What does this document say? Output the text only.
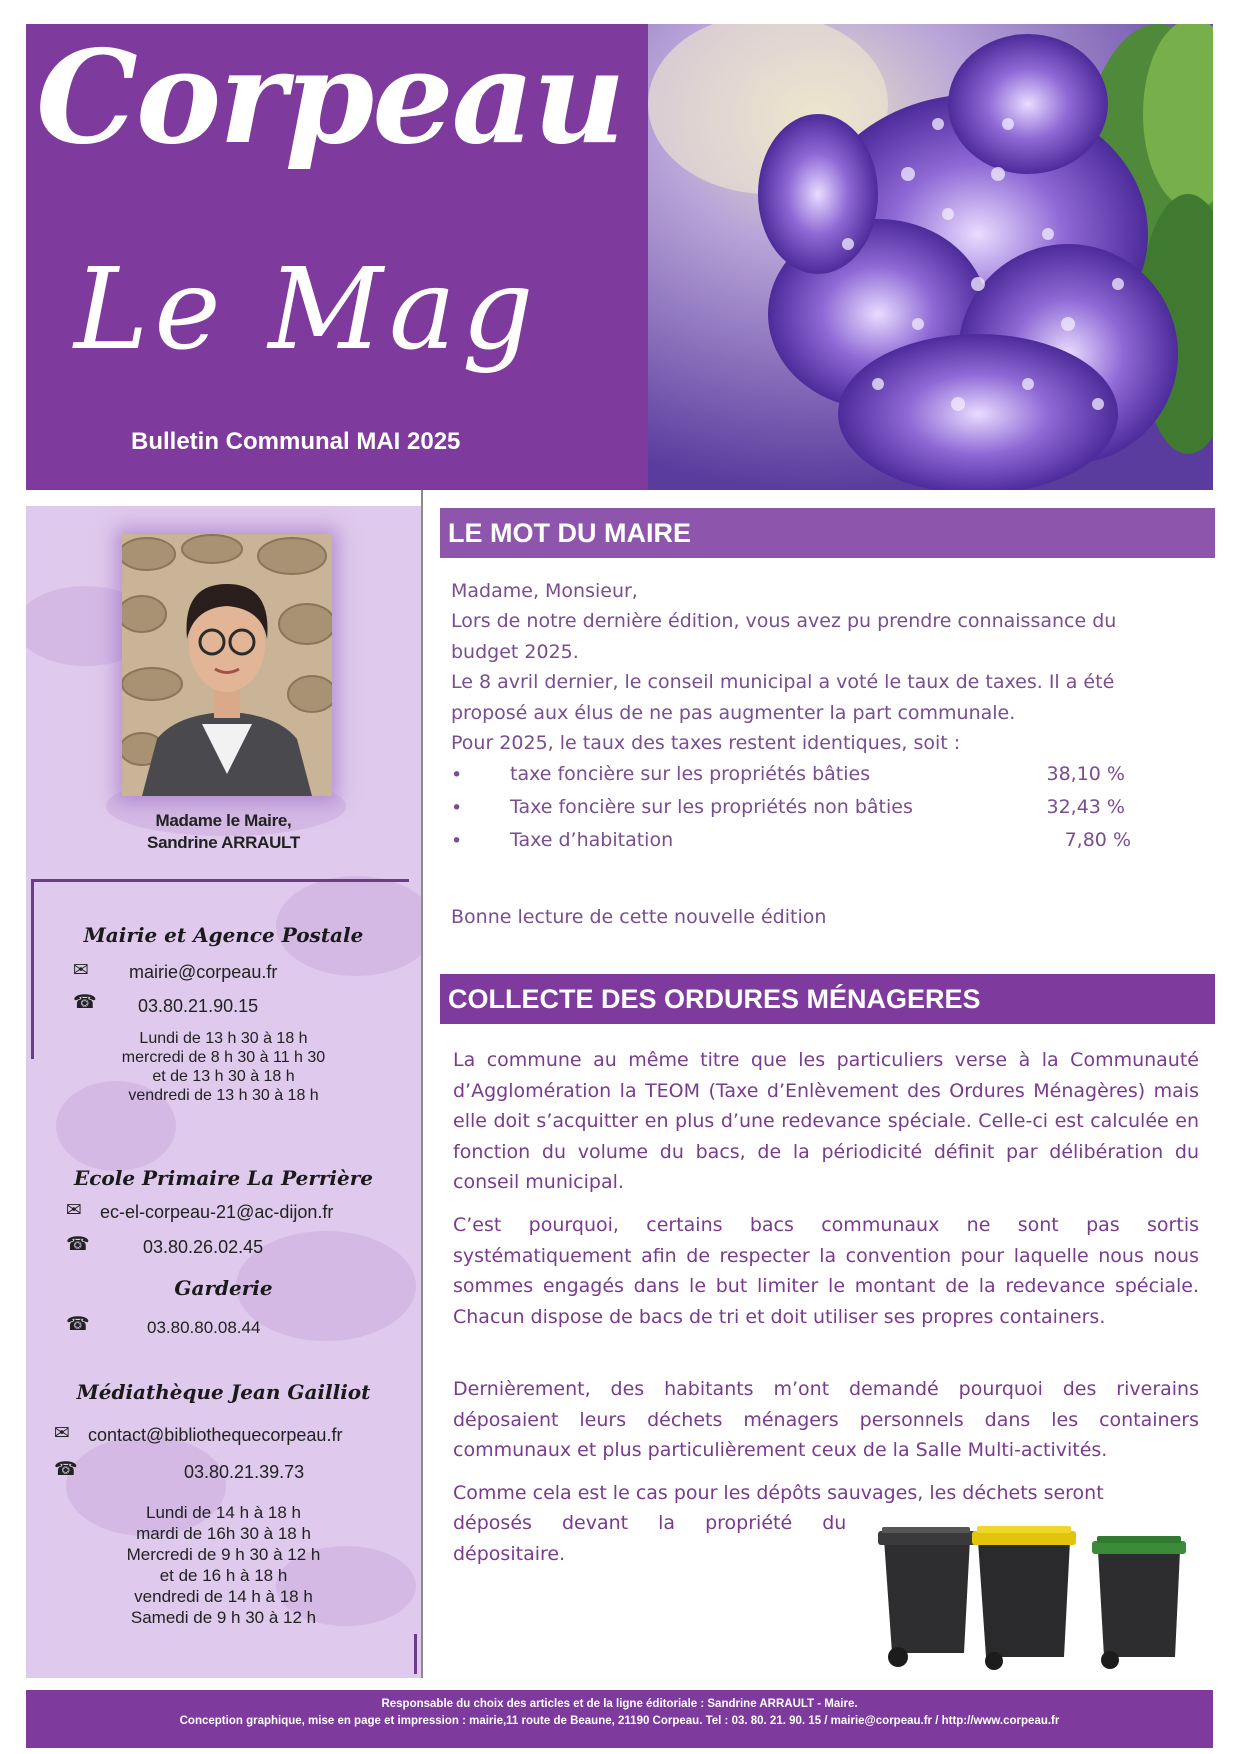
Corpeau
Le Mag
Bulletin Communal MAI 2025
Madame le Maire,
Sandrine ARRAULT
Mairie et Agence Postale
✉ mairie@corpeau.fr
☎ 03.80.21.90.15
Lundi de 13 h 30 à 18 h
mercredi de 8 h 30 à 11 h 30
et de 13 h 30 à 18 h
vendredi de 13 h 30 à 18 h
Ecole Primaire La Perrière
✉ ec-el-corpeau-21@ac-dijon.fr
☎	03.80.26.02.45
Garderie
☎	03.80.80.08.44
Médiathèque Jean Gailliot
✉ contact@bibliothequecorpeau.fr
☎	03.80.21.39.73
Lundi de 14 h à 18 h
mardi de 16h 30 à 18 h
Mercredi de 9 h 30 à 12 h
et de 16 h à 18 h
vendredi de 14 h à 18 h
Samedi de 9 h 30 à 12 h
LE MOT DU MAIRE
Madame, Monsieur,
Lors de notre dernière édition, vous avez pu prendre connaissance du
budget 2025.
Le 8 avril dernier, le conseil municipal a voté le taux de taxes. Il a été
proposé aux élus de ne pas augmenter la part communale.
Pour 2025, le taux des taxes restent identiques, soit :
•	taxe foncière sur les propriétés bâties	38,10 %
•	Taxe foncière sur les propriétés non bâties	32,43 %
•	Taxe d’habitation	7,80 %
Bonne lecture de cette nouvelle édition
COLLECTE DES ORDURES MÉNAGERES

La commune au même titre que les particuliers verse à la Communauté d’Agglomération la TEOM (Taxe d’Enlèvement des Ordures Ménagères) mais elle doit s’acquitter en plus d’une redevance spéciale. Celle-ci est calculée en fonction du volume du bacs, de la périodicité définit par délibération du conseil municipal.

C’est pourquoi, certains bacs communaux ne sont pas sortis systématiquement afin de respecter la convention pour laquelle nous nous sommes engagés dans le but limiter le montant de la redevance spéciale. Chacun dispose de bacs de tri et doit utiliser ses propres containers.

Dernièrement, des habitants m’ont demandé pourquoi des riverains déposaient leurs déchets ménagers personnels dans les containers communaux et plus particulièrement ceux de la Salle Multi-activités.

Comme cela est le cas pour les dépôts sauvages, les déchets seront
déposés devant la propriété du
dépositaire.
Responsable du choix des articles et de la ligne éditoriale : Sandrine ARRAULT - Maire.
Conception graphique, mise en page et impression : mairie,11 route de Beaune, 21190 Corpeau. Tel : 03. 80. 21. 90. 15 / mairie@corpeau.fr / http://www.corpeau.fr
